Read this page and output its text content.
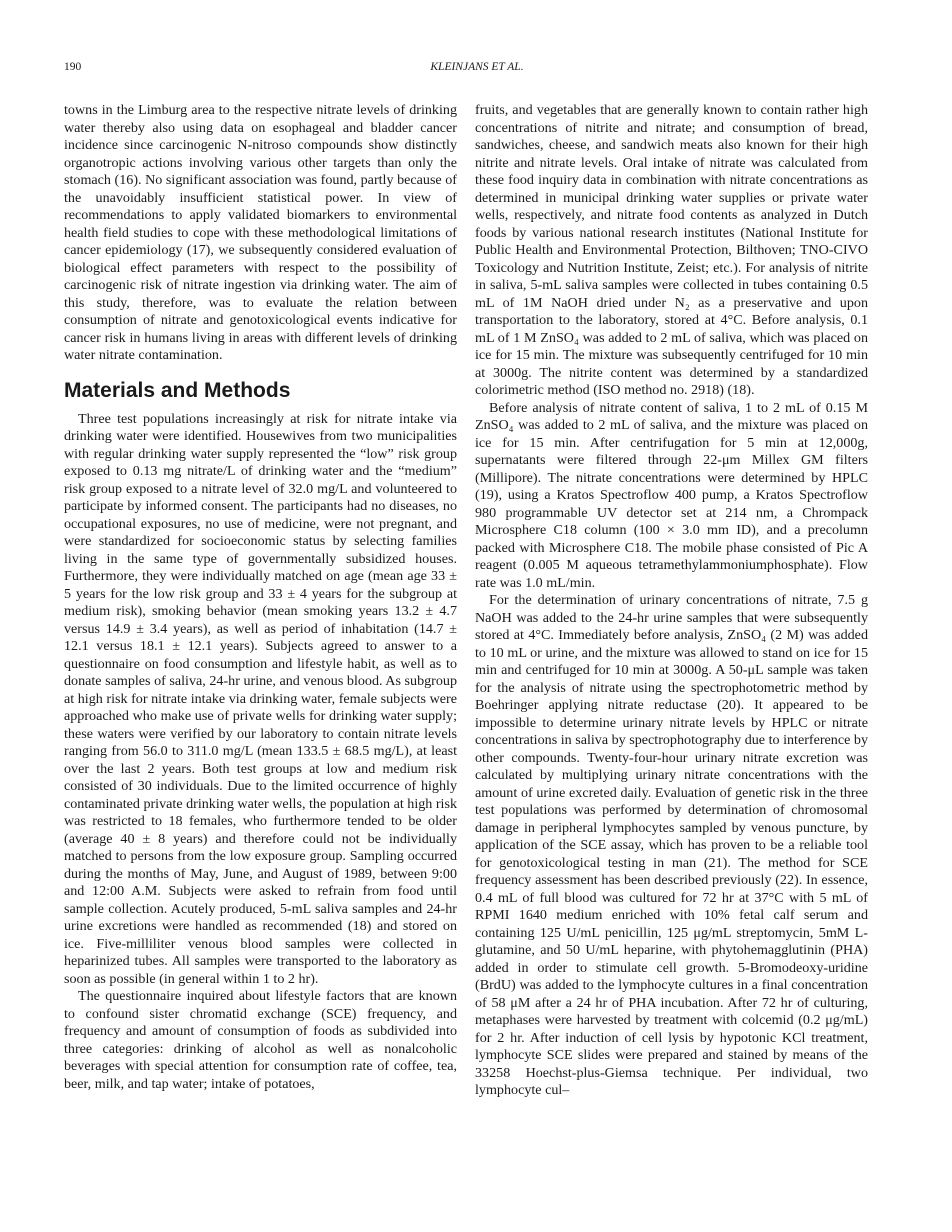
190	KLEINJANS ET AL.

towns in the Limburg area to the respective nitrate levels of drinking water thereby also using data on esophageal and bladder cancer incidence since carcinogenic N-nitroso compounds show distinctly organotropic actions involving various other targets than only the stomach (16). No significant association was found, partly because of the unavoidably insufficient statistical power. In view of recommendations to apply validated biomarkers to environmental health field studies to cope with these methodological limitations of cancer epidemiology (17), we subsequently considered evaluation of biological effect parameters with respect to the possibility of carcinogenic risk of nitrate ingestion via drinking water. The aim of this study, therefore, was to evaluate the relation between consumption of nitrate and genotoxicological events indicative for cancer risk in humans living in areas with different levels of drinking water nitrate contamination.

Materials and Methods

Three test populations increasingly at risk for nitrate intake via drinking water were identified. Housewives from two municipalities with regular drinking water supply represented the “low” risk group exposed to 0.13 mg nitrate/L of drinking water and the “medium” risk group exposed to a nitrate level of 32.0 mg/L and volunteered to participate by informed consent. The participants had no diseases, no occupational exposures, no use of medicine, were not pregnant, and were standardized for socioeconomic status by selecting families living in the same type of governmentally subsidized houses. Furthermore, they were individually matched on age (mean age 33 ± 5 years for the low risk group and 33 ± 4 years for the subgroup at medium risk), smoking behavior (mean smoking years 13.2 ± 4.7 versus 14.9 ± 3.4 years), as well as period of inhabitation (14.7 ± 12.1 versus 18.1 ± 12.1 years). Subjects agreed to answer to a questionnaire on food consumption and lifestyle habit, as well as to donate samples of saliva, 24-hr urine, and venous blood. As subgroup at high risk for nitrate intake via drinking water, female subjects were approached who make use of private wells for drinking water supply; these waters were verified by our laboratory to contain nitrate levels ranging from 56.0 to 311.0 mg/L (mean 133.5 ± 68.5 mg/L), at least over the last 2 years. Both test groups at low and medium risk consisted of 30 individuals. Due to the limited occurrence of highly contaminated private drinking water wells, the population at high risk was restricted to 18 females, who furthermore tended to be older (average 40 ± 8 years) and therefore could not be individually matched to persons from the low exposure group. Sampling occurred during the months of May, June, and August of 1989, between 9:00 and 12:00 A.M. Subjects were asked to refrain from food until sample collection. Acutely produced, 5-mL saliva samples and 24-hr urine excretions were handled as recommended (18) and stored on ice. Five-milliliter venous blood samples were collected in heparinized tubes. All samples were transported to the laboratory as soon as possible (in general within 1 to 2 hr).

The questionnaire inquired about lifestyle factors that are known to confound sister chromatid exchange (SCE) frequency, and frequency and amount of consumption of foods as subdivided into three categories: drinking of alcohol as well as nonalcoholic beverages with special attention for consumption rate of coffee, tea, beer, milk, and tap water; intake of potatoes,

fruits, and vegetables that are generally known to contain rather high concentrations of nitrite and nitrate; and consumption of bread, sandwiches, cheese, and sandwich meats also known for their high nitrite and nitrate levels. Oral intake of nitrate was calculated from these food inquiry data in combination with nitrate concentrations as determined in municipal drinking water supplies or private water wells, respectively, and nitrate food contents as analyzed in Dutch foods by various national research institutes (National Institute for Public Health and Environmental Protection, Bilthoven; TNO-CIVO Toxicology and Nutrition Institute, Zeist; etc.). For analysis of nitrite in saliva, 5-mL saliva samples were collected in tubes containing 0.5 mL of 1M NaOH dried under N₂ as a preservative and upon transportation to the laboratory, stored at 4°C. Before analysis, 0.1 mL of 1 M ZnSO₄ was added to 2 mL of saliva, which was placed on ice for 15 min. The mixture was subsequently centrifuged for 10 min at 3000g. The nitrite content was determined by a standardized colorimetric method (ISO method no. 2918) (18).

Before analysis of nitrate content of saliva, 1 to 2 mL of 0.15 M ZnSO₄ was added to 2 mL of saliva, and the mixture was placed on ice for 15 min. After centrifugation for 5 min at 12,000g, supernatants were filtered through 22-μm Millex GM filters (Millipore). The nitrate concentrations were determined by HPLC (19), using a Kratos Spectroflow 400 pump, a Kratos Spectroflow 980 programmable UV detector set at 214 nm, a Chrompack Microsphere C18 column (100 × 3.0 mm ID), and a precolumn packed with Microsphere C18. The mobile phase consisted of Pic A reagent (0.005 M aqueous tetramethylammoniumphosphate). Flow rate was 1.0 mL/min.

For the determination of urinary concentrations of nitrate, 7.5 g NaOH was added to the 24-hr urine samples that were subsequently stored at 4°C. Immediately before analysis, ZnSO₄ (2 M) was added to 10 mL or urine, and the mixture was allowed to stand on ice for 15 min and centrifuged for 10 min at 3000g. A 50-μL sample was taken for the analysis of nitrate using the spectrophotometric method by Boehringer applying nitrate reductase (20). It appeared to be impossible to determine urinary nitrate levels by HPLC or nitrate concentrations in saliva by spectrophotography due to interference by other compounds. Twenty-four-hour urinary nitrate excretion was calculated by multiplying urinary nitrate concentrations with the amount of urine excreted daily. Evaluation of genetic risk in the three test populations was performed by determination of chromosomal damage in peripheral lymphocytes sampled by venous puncture, by application of the SCE assay, which has proven to be a reliable tool for genotoxicological testing in man (21). The method for SCE frequency assessment has been described previously (22). In essence, 0.4 mL of full blood was cultured for 72 hr at 37°C with 5 mL of RPMI 1640 medium enriched with 10% fetal calf serum and containing 125 U/mL penicillin, 125 μg/mL streptomycin, 5mM L-glutamine, and 50 U/mL heparine, with phytohemagglutinin (PHA) added in order to stimulate cell growth. 5-Bromodeoxy-uridine (BrdU) was added to the lymphocyte cultures in a final concentration of 58 μM after a 24 hr of PHA incubation. After 72 hr of culturing, metaphases were harvested by treatment with colcemid (0.2 μg/mL) for 2 hr. After induction of cell lysis by hypotonic KCl treatment, lymphocyte SCE slides were prepared and stained by means of the 33258 Hoechst-plus-Giemsa technique. Per individual, two lymphocyte cul–
